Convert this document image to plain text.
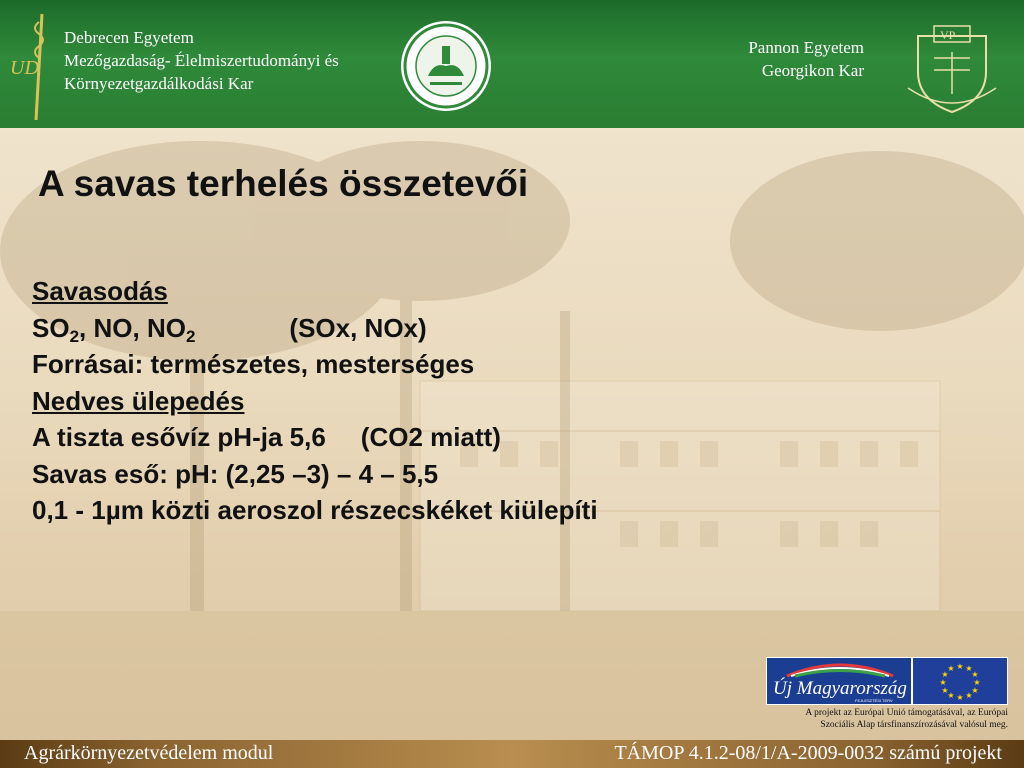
UD
Debrecen Egyetem
Mezőgazdaság- Élelmiszertudományi és
Környezetgazdálkodási Kar
Pannon Egyetem
Georgikon Kar
VP
A savas terhelés összetevői
Savasodás
$SO_2$, NO, $NO_2$	(SOx, NOx)
Forrásai: természetes, mesterséges
Nedves ülepedés
A tiszta esővíz pH-ja 5,6 (CO2 miatt)
Savas eső: pH: (2,25 –3) – 4 – 5,5
0,1 - 1µm közti aeroszol részecskéket kiülepíti
Új Magyarország
FEJLESZTÉSI TERV
★ ★
★
★
★
★
★
★
★
★
★
★
A projekt az Európai Unió támogatásával, az Európai
Szociális Alap társfinanszírozásával valósul meg.
Agrárkörnyezetvédelem modul	TÁMOP 4.1.2-08/1/A-2009-0032 számú projekt
